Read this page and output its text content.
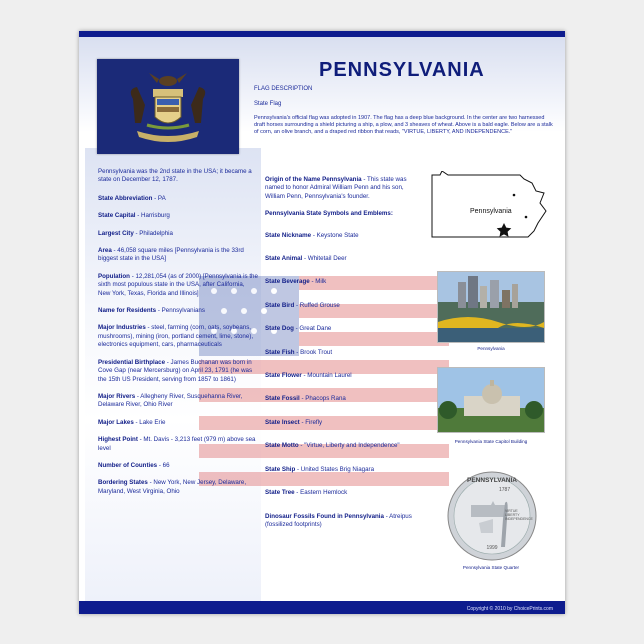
PENNSYLVANIA
FLAG DESCRIPTION
State Flag
Pennsylvania's official flag was adopted in 1907. The flag has a deep blue background. In the center are two harnessed draft horses surrounding a shield picturing a ship, a plow, and 3 sheaves of wheat. Above is a bald eagle. Below are a stalk of corn, an olive branch, and a draped red ribbon that reads, "VIRTUE, LIBERTY, AND INDEPENDENCE."
Pennsylvania was the 2nd state in the USA; it became a state on December 12, 1787.
State Abbreviation - PA
State Capital - Harrisburg
Largest City - Philadelphia
Area - 46,058 square miles [Pennsylvania is the 33rd biggest state in the USA]
Population - 12,281,054 (as of 2000) [Pennsylvania is the sixth most populous state in the USA, after California, New York, Texas, Florida and Illinois]
Name for Residents - Pennsylvanians
Major Industries - steel, farming (corn, oats, soybeans, mushrooms), mining (iron, portland cement, lime, stone), electronics equipment, cars, pharmaceuticals
Presidential Birthplace - James Buchanan was born in Cove Gap (near Mercersburg) on April 23, 1791 (he was the 15th US President, serving from 1857 to 1861)
Major Rivers - Allegheny River, Susquehanna River, Delaware River, Ohio River
Major Lakes - Lake Erie
Highest Point - Mt. Davis - 3,213 feet (979 m) above sea level
Number of Counties - 66
Bordering States - New York, New Jersey, Delaware, Maryland, West Virginia, Ohio
Origin of the Name Pennsylvania - This state was named to honor Admiral William Penn and his son, William Penn, Pennsylvania's founder.
Pennsylvania State Symbols and Emblems:
State Nickname - Keystone State
State Animal - Whitetail Deer
State Beverage - Milk
State Bird - Ruffed Grouse
State Dog - Great Dane
State Fish - Brook Trout
State Flower - Mountain Laurel
State Fossil - Phacops Rana
State Insect - Firefly
State Motto - "Virtue, Liberty and Independence"
State Ship - United States Brig Niagara
State Tree - Eastern Hemlock
Dinosaur Fossils Found in Pennsylvania - Atreipus (fossilized footprints)
Pennsylvania
Pennsylvania
Pennsylvania State Capitol Building
PENNSYLVANIA
1787
VIRTUE LIBERTY INDEPENDENCE
1999
Pennsylvania State Quarter
Copyright © 2010 by ChoicePrints.com
